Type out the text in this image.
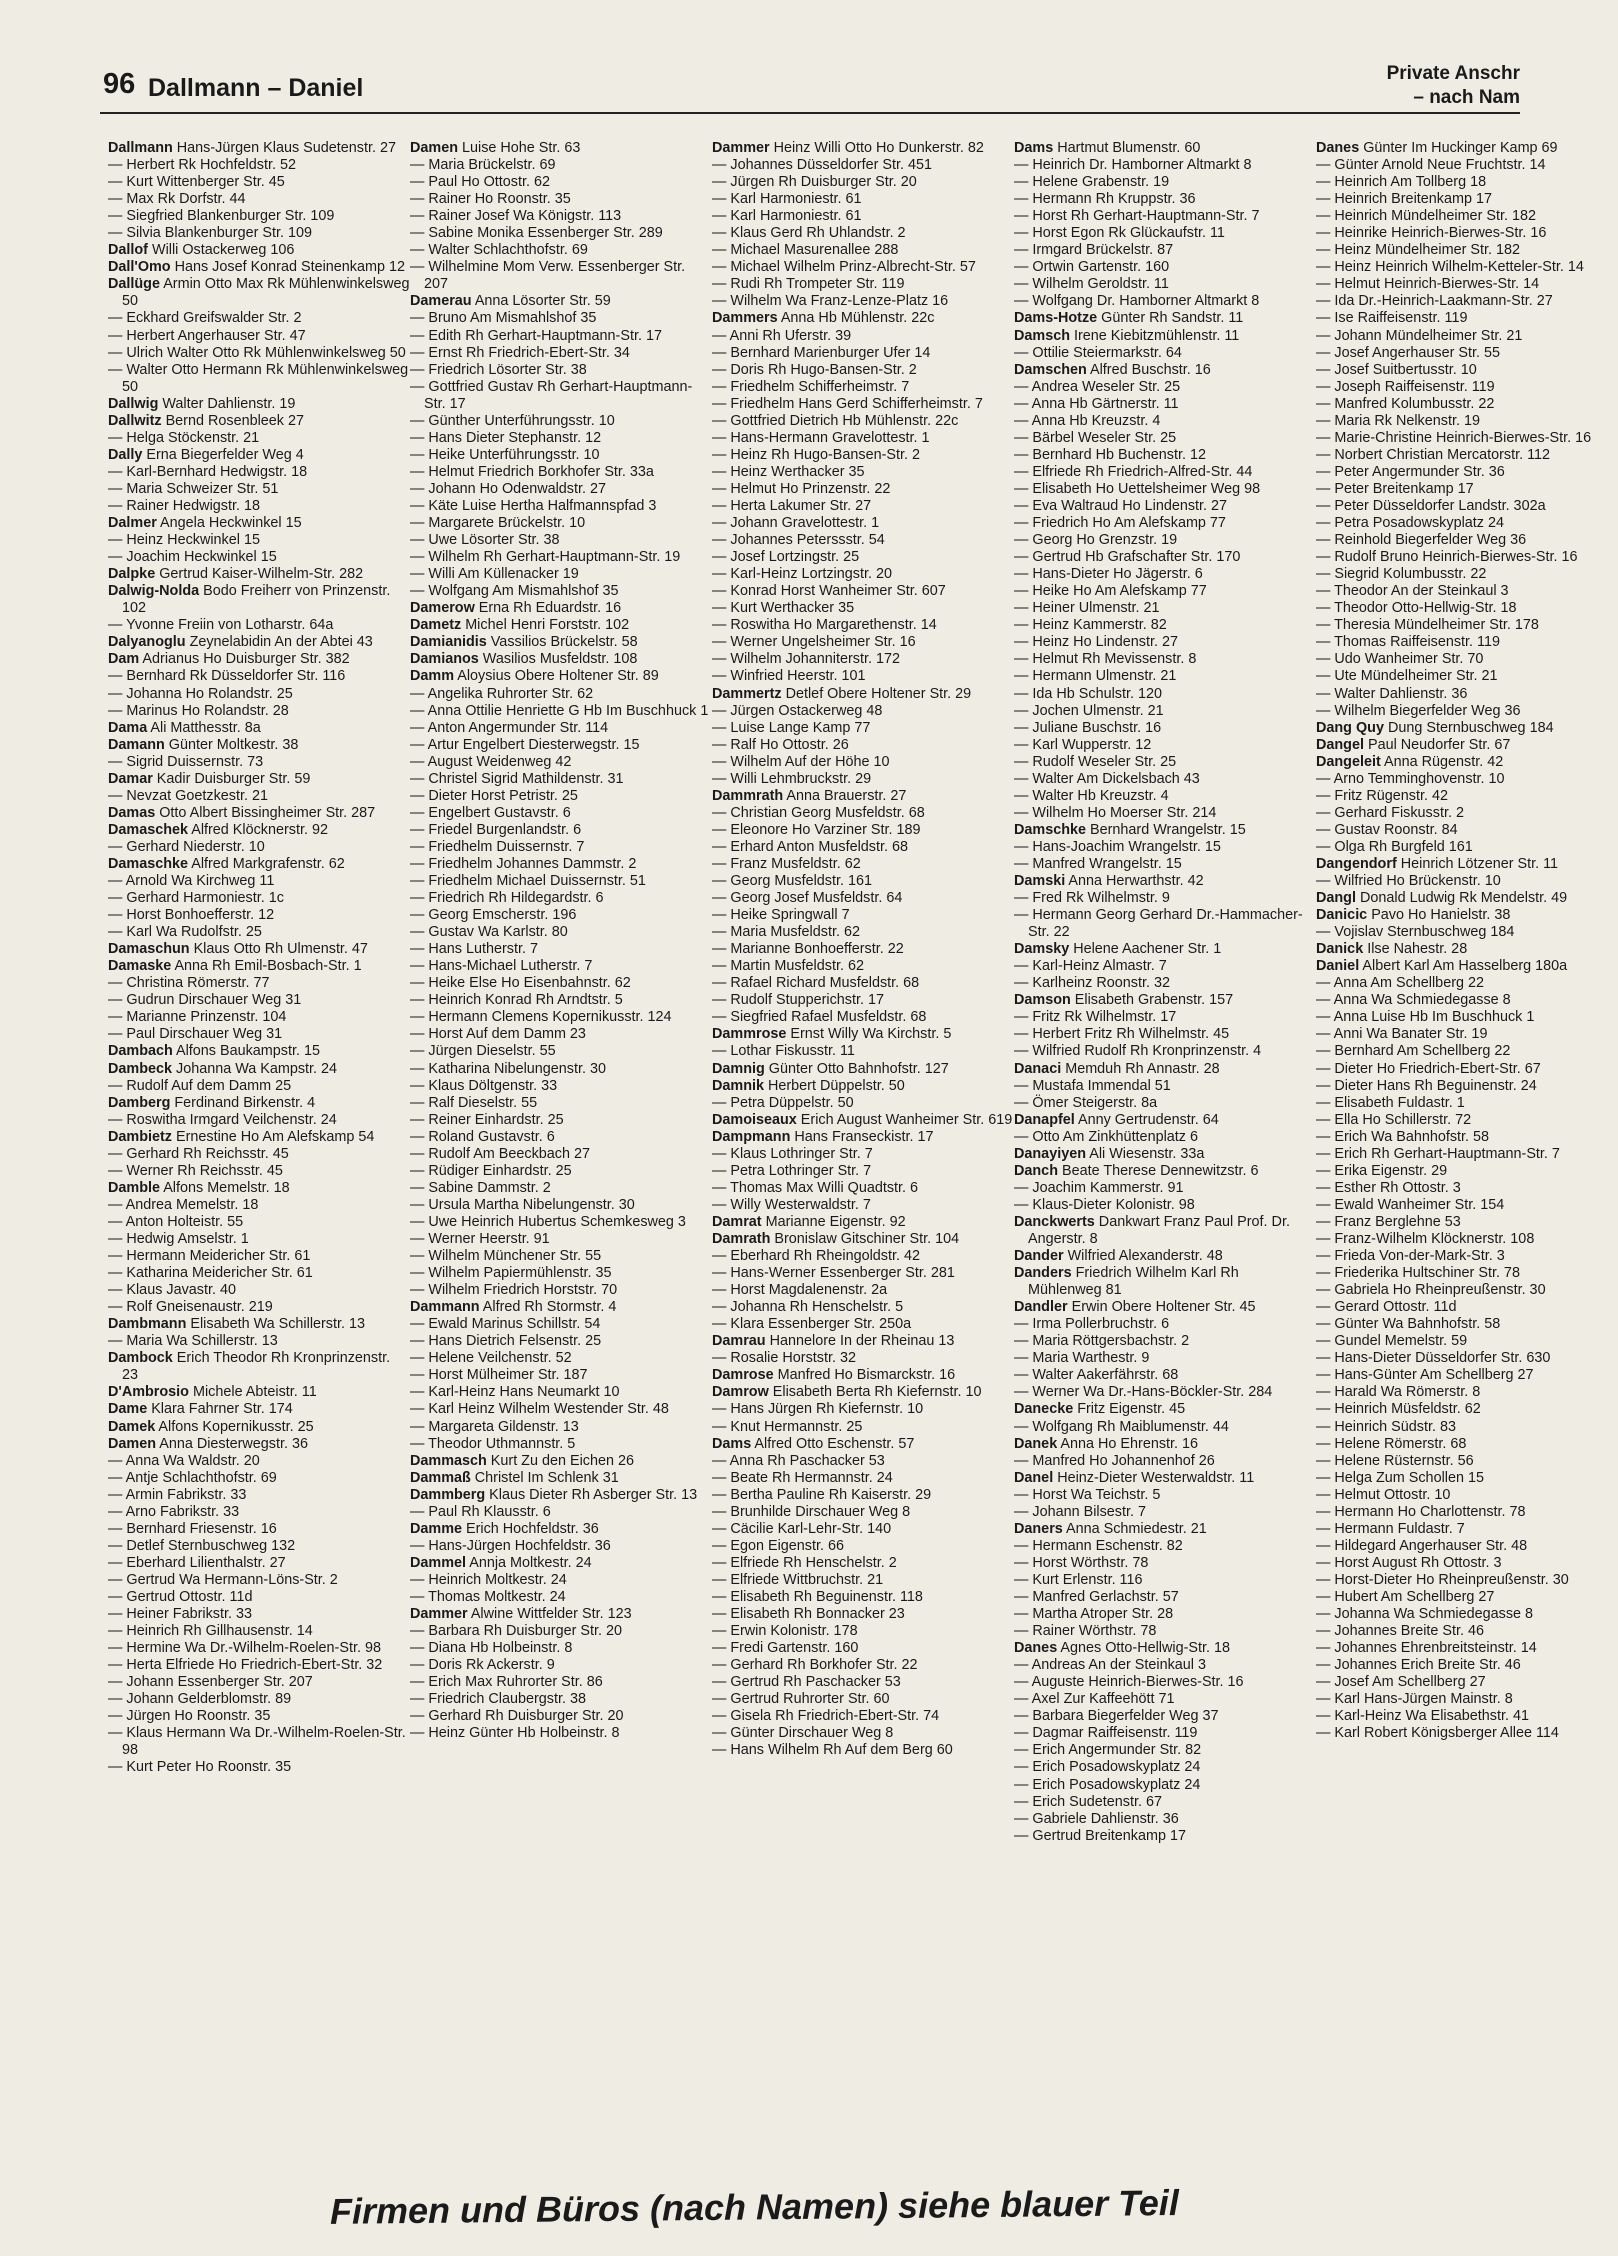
96 Dallmann – Daniel
Private Anschr
– nach Nam

Dallmann Hans-Jürgen Klaus Sudetenstr. 27

— Herbert Rk Hochfeldstr. 52

— Kurt Wittenberger Str. 45

— Max Rk Dorfstr. 44

— Siegfried Blankenburger Str. 109

— Silvia Blankenburger Str. 109

Dallof Willi Ostackerweg 106

Dall'Omo Hans Josef Konrad Steinenkamp 12

Dallüge Armin Otto Max Rk Mühlenwinkelsweg 50

— Eckhard Greifswalder Str. 2

— Herbert Angerhauser Str. 47

— Ulrich Walter Otto Rk Mühlenwinkelsweg 50

— Walter Otto Hermann Rk Mühlenwinkelsweg 50

Dallwig Walter Dahlienstr. 19

Dallwitz Bernd Rosenbleek 27

— Helga Stöckenstr. 21

Dally Erna Biegerfelder Weg 4

— Karl-Bernhard Hedwigstr. 18

— Maria Schweizer Str. 51

— Rainer Hedwigstr. 18

Dalmer Angela Heckwinkel 15

— Heinz Heckwinkel 15

— Joachim Heckwinkel 15

Dalpke Gertrud Kaiser-Wilhelm-Str. 282

Dalwig-Nolda Bodo Freiherr von Prinzenstr. 102

— Yvonne Freiin von Lotharstr. 64a

Dalyanoglu Zeynelabidin An der Abtei 43

Dam Adrianus Ho Duisburger Str. 382

— Bernhard Rk Düsseldorfer Str. 116

— Johanna Ho Rolandstr. 25

— Marinus Ho Rolandstr. 28

Dama Ali Matthesstr. 8a

Damann Günter Moltkestr. 38

— Sigrid Duissernstr. 73

Damar Kadir Duisburger Str. 59

— Nevzat Goetzkestr. 21

Damas Otto Albert Bissingheimer Str. 287

Damaschek Alfred Klöcknerstr. 92

— Gerhard Niederstr. 10

Damaschke Alfred Markgrafenstr. 62

— Arnold Wa Kirchweg 11

— Gerhard Harmoniestr. 1c

— Horst Bonhoefferstr. 12

— Karl Wa Rudolfstr. 25

Damaschun Klaus Otto Rh Ulmenstr. 47

Damaske Anna Rh Emil-Bosbach-Str. 1

— Christina Römerstr. 77

— Gudrun Dirschauer Weg 31

— Marianne Prinzenstr. 104

— Paul Dirschauer Weg 31

Dambach Alfons Baukampstr. 15

Dambeck Johanna Wa Kampstr. 24

— Rudolf Auf dem Damm 25

Damberg Ferdinand Birkenstr. 4

— Roswitha Irmgard Veilchenstr. 24

Dambietz Ernestine Ho Am Alefskamp 54

— Gerhard Rh Reichsstr. 45

— Werner Rh Reichsstr. 45

Damble Alfons Memelstr. 18

— Andrea Memelstr. 18

— Anton Holteistr. 55

— Hedwig Amselstr. 1

— Hermann Meidericher Str. 61

— Katharina Meidericher Str. 61

— Klaus Javastr. 40

— Rolf Gneisenaustr. 219

Dambmann Elisabeth Wa Schillerstr. 13

— Maria Wa Schillerstr. 13

Dambock Erich Theodor Rh Kronprinzenstr. 23

D'Ambrosio Michele Abteistr. 11

Dame Klara Fahrner Str. 174

Damek Alfons Kopernikusstr. 25

Damen Anna Diesterwegstr. 36

— Anna Wa Waldstr. 20

— Antje Schlachthofstr. 69

— Armin Fabrikstr. 33

— Arno Fabrikstr. 33

— Bernhard Friesenstr. 16

— Detlef Sternbuschweg 132

— Eberhard Lilienthalstr. 27

— Gertrud Wa Hermann-Löns-Str. 2

— Gertrud Ottostr. 11d

— Heiner Fabrikstr. 33

— Heinrich Rh Gillhausenstr. 14

— Hermine Wa Dr.-Wilhelm-Roelen-Str. 98

— Herta Elfriede Ho Friedrich-Ebert-Str. 32

— Johann Essenberger Str. 207

— Johann Gelderblomstr. 89

— Jürgen Ho Roonstr. 35

— Klaus Hermann Wa Dr.-Wilhelm-Roelen-Str. 98

— Kurt Peter Ho Roonstr. 35

Damen Luise Hohe Str. 63

— Maria Brückelstr. 69

— Paul Ho Ottostr. 62

— Rainer Ho Roonstr. 35

— Rainer Josef Wa Königstr. 113

— Sabine Monika Essenberger Str. 289

— Walter Schlachthofstr. 69

— Wilhelmine Mom Verw. Essenberger Str. 207

Damerau Anna Lösorter Str. 59

— Bruno Am Mismahlshof 35

— Edith Rh Gerhart-Hauptmann-Str. 17

— Ernst Rh Friedrich-Ebert-Str. 34

— Friedrich Lösorter Str. 38

— Gottfried Gustav Rh Gerhart-Hauptmann-Str. 17

— Günther Unterführungsstr. 10

— Hans Dieter Stephanstr. 12

— Heike Unterführungsstr. 10

— Helmut Friedrich Borkhofer Str. 33a

— Johann Ho Odenwaldstr. 27

— Käte Luise Hertha Halfmannspfad 3

— Margarete Brückelstr. 10

— Uwe Lösorter Str. 38

— Wilhelm Rh Gerhart-Hauptmann-Str. 19

— Willi Am Küllenacker 19

— Wolfgang Am Mismahlshof 35

Damerow Erna Rh Eduardstr. 16

Dametz Michel Henri Forststr. 102

Damianidis Vassilios Brückelstr. 58

Damianos Wasilios Musfeldstr. 108

Damm Aloysius Obere Holtener Str. 89

— Angelika Ruhrorter Str. 62

— Anna Ottilie Henriette G Hb Im Buschhuck 1

— Anton Angermunder Str. 114

— Artur Engelbert Diesterwegstr. 15

— August Weidenweg 42

— Christel Sigrid Mathildenstr. 31

— Dieter Horst Petristr. 25

— Engelbert Gustavstr. 6

— Friedel Burgenlandstr. 6

— Friedhelm Duissernstr. 7

— Friedhelm Johannes Dammstr. 2

— Friedhelm Michael Duissernstr. 51

— Friedrich Rh Hildegardstr. 6

— Georg Emscherstr. 196

— Gustav Wa Karlstr. 80

— Hans Lutherstr. 7

— Hans-Michael Lutherstr. 7

— Heike Else Ho Eisenbahnstr. 62

— Heinrich Konrad Rh Arndtstr. 5

— Hermann Clemens Kopernikusstr. 124

— Horst Auf dem Damm 23

— Jürgen Dieselstr. 55

— Katharina Nibelungenstr. 30

— Klaus Döltgenstr. 33

— Ralf Dieselstr. 55

— Reiner Einhardstr. 25

— Roland Gustavstr. 6

— Rudolf Am Beeckbach 27

— Rüdiger Einhardstr. 25

— Sabine Dammstr. 2

— Ursula Martha Nibelungenstr. 30

— Uwe Heinrich Hubertus Schemkesweg 3

— Werner Heerstr. 91

— Wilhelm Münchener Str. 55

— Wilhelm Papiermühlenstr. 35

— Wilhelm Friedrich Horststr. 70

Dammann Alfred Rh Stormstr. 4

— Ewald Marinus Schillstr. 54

— Hans Dietrich Felsenstr. 25

— Helene Veilchenstr. 52

— Horst Mülheimer Str. 187

— Karl-Heinz Hans Neumarkt 10

— Karl Heinz Wilhelm Westender Str. 48

— Margareta Gildenstr. 13

— Theodor Uthmannstr. 5

Dammasch Kurt Zu den Eichen 26

Dammaß Christel Im Schlenk 31

Dammberg Klaus Dieter Rh Asberger Str. 13

— Paul Rh Klausstr. 6

Damme Erich Hochfeldstr. 36

— Hans-Jürgen Hochfeldstr. 36

Dammel Annja Moltkestr. 24

— Heinrich Moltkestr. 24

— Thomas Moltkestr. 24

Dammer Alwine Wittfelder Str. 123

— Barbara Rh Duisburger Str. 20

— Diana Hb Holbeinstr. 8

— Doris Rk Ackerstr. 9

— Erich Max Ruhrorter Str. 86

— Friedrich Claubergstr. 38

— Gerhard Rh Duisburger Str. 20

— Heinz Günter Hb Holbeinstr. 8

Dammer Heinz Willi Otto Ho Dunkerstr. 82

— Johannes Düsseldorfer Str. 451

— Jürgen Rh Duisburger Str. 20

— Karl Harmoniestr. 61

— Karl Harmoniestr. 61

— Klaus Gerd Rh Uhlandstr. 2

— Michael Masurenallee 288

— Michael Wilhelm Prinz-Albrecht-Str. 57

— Rudi Rh Trompeter Str. 119

— Wilhelm Wa Franz-Lenze-Platz 16

Dammers Anna Hb Mühlenstr. 22c

— Anni Rh Uferstr. 39

— Bernhard Marienburger Ufer 14

— Doris Rh Hugo-Bansen-Str. 2

— Friedhelm Schifferheimstr. 7

— Friedhelm Hans Gerd Schifferheimstr. 7

— Gottfried Dietrich Hb Mühlenstr. 22c

— Hans-Hermann Gravelottestr. 1

— Heinz Rh Hugo-Bansen-Str. 2

— Heinz Werthacker 35

— Helmut Ho Prinzenstr. 22

— Herta Lakumer Str. 27

— Johann Gravelottestr. 1

— Johannes Peterssstr. 54

— Josef Lortzingstr. 25

— Karl-Heinz Lortzingstr. 20

— Konrad Horst Wanheimer Str. 607

— Kurt Werthacker 35

— Roswitha Ho Margarethenstr. 14

— Werner Ungelsheimer Str. 16

— Wilhelm Johanniterstr. 172

— Winfried Heerstr. 101

Dammertz Detlef Obere Holtener Str. 29

— Jürgen Ostackerweg 48

— Luise Lange Kamp 77

— Ralf Ho Ottostr. 26

— Wilhelm Auf der Höhe 10

— Willi Lehmbruckstr. 29

Dammrath Anna Brauerstr. 27

— Christian Georg Musfeldstr. 68

— Eleonore Ho Varziner Str. 189

— Erhard Anton Musfeldstr. 68

— Franz Musfeldstr. 62

— Georg Musfeldstr. 161

— Georg Josef Musfeldstr. 64

— Heike Springwall 7

— Maria Musfeldstr. 62

— Marianne Bonhoefferstr. 22

— Martin Musfeldstr. 62

— Rafael Richard Musfeldstr. 68

— Rudolf Stupperichstr. 17

— Siegfried Rafael Musfeldstr. 68

Dammrose Ernst Willy Wa Kirchstr. 5

— Lothar Fiskusstr. 11

Damnig Günter Otto Bahnhofstr. 127

Damnik Herbert Düppelstr. 50

— Petra Düppelstr. 50

Damoiseaux Erich August Wanheimer Str. 619

Dampmann Hans Franseckistr. 17

— Klaus Lothringer Str. 7

— Petra Lothringer Str. 7

— Thomas Max Willi Quadtstr. 6

— Willy Westerwaldstr. 7

Damrat Marianne Eigenstr. 92

Damrath Bronislaw Gitschiner Str. 104

— Eberhard Rh Rheingoldstr. 42

— Hans-Werner Essenberger Str. 281

— Horst Magdalenenstr. 2a

— Johanna Rh Henschelstr. 5

— Klara Essenberger Str. 250a

Damrau Hannelore In der Rheinau 13

— Rosalie Horststr. 32

Damrose Manfred Ho Bismarckstr. 16

Damrow Elisabeth Berta Rh Kiefernstr. 10

— Hans Jürgen Rh Kiefernstr. 10

— Knut Hermannstr. 25

Dams Alfred Otto Eschenstr. 57

— Anna Rh Paschacker 53

— Beate Rh Hermannstr. 24

— Bertha Pauline Rh Kaiserstr. 29

— Brunhilde Dirschauer Weg 8

— Cäcilie Karl-Lehr-Str. 140

— Egon Eigenstr. 66

— Elfriede Rh Henschelstr. 2

— Elfriede Wittbruchstr. 21

— Elisabeth Rh Beguinenstr. 118

— Elisabeth Rh Bonnacker 23

— Erwin Kolonistr. 178

— Fredi Gartenstr. 160

— Gerhard Rh Borkhofer Str. 22

— Gertrud Rh Paschacker 53

— Gertrud Ruhrorter Str. 60

— Gisela Rh Friedrich-Ebert-Str. 74

— Günter Dirschauer Weg 8

— Hans Wilhelm Rh Auf dem Berg 60

Dams Hartmut Blumenstr. 60

— Heinrich Dr. Hamborner Altmarkt 8

— Helene Grabenstr. 19

— Hermann Rh Kruppstr. 36

— Horst Rh Gerhart-Hauptmann-Str. 7

— Horst Egon Rk Glückaufstr. 11

— Irmgard Brückelstr. 87

— Ortwin Gartenstr. 160

— Wilhelm Geroldstr. 11

— Wolfgang Dr. Hamborner Altmarkt 8

Dams-Hotze Günter Rh Sandstr. 11

Damsch Irene Kiebitzmühlenstr. 11

— Ottilie Steiermarkstr. 64

Damschen Alfred Buschstr. 16

— Andrea Weseler Str. 25

— Anna Hb Gärtnerstr. 11

— Anna Hb Kreuzstr. 4

— Bärbel Weseler Str. 25

— Bernhard Hb Buchenstr. 12

— Elfriede Rh Friedrich-Alfred-Str. 44

— Elisabeth Ho Uettelsheimer Weg 98

— Eva Waltraud Ho Lindenstr. 27

— Friedrich Ho Am Alefskamp 77

— Georg Ho Grenzstr. 19

— Gertrud Hb Grafschafter Str. 170

— Hans-Dieter Ho Jägerstr. 6

— Heike Ho Am Alefskamp 77

— Heiner Ulmenstr. 21

— Heinz Kammerstr. 82

— Heinz Ho Lindenstr. 27

— Helmut Rh Mevissenstr. 8

— Hermann Ulmenstr. 21

— Ida Hb Schulstr. 120

— Jochen Ulmenstr. 21

— Juliane Buschstr. 16

— Karl Wupperstr. 12

— Rudolf Weseler Str. 25

— Walter Am Dickelsbach 43

— Walter Hb Kreuzstr. 4

— Wilhelm Ho Moerser Str. 214

Damschke Bernhard Wrangelstr. 15

— Hans-Joachim Wrangelstr. 15

— Manfred Wrangelstr. 15

Damski Anna Herwarthstr. 42

— Fred Rk Wilhelmstr. 9

— Hermann Georg Gerhard Dr.-Hammacher-Str. 22

Damsky Helene Aachener Str. 1

— Karl-Heinz Almastr. 7

— Karlheinz Roonstr. 32

Damson Elisabeth Grabenstr. 157

— Fritz Rk Wilhelmstr. 17

— Herbert Fritz Rh Wilhelmstr. 45

— Wilfried Rudolf Rh Kronprinzenstr. 4

Danaci Memduh Rh Annastr. 28

— Mustafa Immendal 51

— Ömer Steigerstr. 8a

Danapfel Anny Gertrudenstr. 64

— Otto Am Zinkhüttenplatz 6

Danayiyen Ali Wiesenstr. 33a

Danch Beate Therese Dennewitzstr. 6

— Joachim Kammerstr. 91

— Klaus-Dieter Kolonistr. 98

Danckwerts Dankwart Franz Paul Prof. Dr. Angerstr. 8

Dander Wilfried Alexanderstr. 48

Danders Friedrich Wilhelm Karl Rh Mühlenweg 81

Dandler Erwin Obere Holtener Str. 45

— Irma Pollerbruchstr. 6

— Maria Röttgersbachstr. 2

— Maria Warthestr. 9

— Walter Aakerfährstr. 68

— Werner Wa Dr.-Hans-Böckler-Str. 284

Danecke Fritz Eigenstr. 45

— Wolfgang Rh Maiblumenstr. 44

Danek Anna Ho Ehrenstr. 16

— Manfred Ho Johannenhof 26

Danel Heinz-Dieter Westerwaldstr. 11

— Horst Wa Teichstr. 5

— Johann Bilsestr. 7

Daners Anna Schmiedestr. 21

— Hermann Eschenstr. 82

— Horst Wörthstr. 78

— Kurt Erlenstr. 116

— Manfred Gerlachstr. 57

— Martha Atroper Str. 28

— Rainer Wörthstr. 78

Danes Agnes Otto-Hellwig-Str. 18

— Andreas An der Steinkaul 3

— Auguste Heinrich-Bierwes-Str. 16

— Axel Zur Kaffeehött 71

— Barbara Biegerfelder Weg 37

— Dagmar Raiffeisenstr. 119

— Erich Angermunder Str. 82

— Erich Posadowskyplatz 24

— Erich Posadowskyplatz 24

— Erich Sudetenstr. 67

— Gabriele Dahlienstr. 36

— Gertrud Breitenkamp 17

Danes Günter Im Huckinger Kamp 69

— Günter Arnold Neue Fruchtstr. 14

— Heinrich Am Tollberg 18

— Heinrich Breitenkamp 17

— Heinrich Mündelheimer Str. 182

— Heinrike Heinrich-Bierwes-Str. 16

— Heinz Mündelheimer Str. 182

— Heinz Heinrich Wilhelm-Ketteler-Str. 14

— Helmut Heinrich-Bierwes-Str. 14

— Ida Dr.-Heinrich-Laakmann-Str. 27

— Ise Raiffeisenstr. 119

— Johann Mündelheimer Str. 21

— Josef Angerhauser Str. 55

— Josef Suitbertusstr. 10

— Joseph Raiffeisenstr. 119

— Manfred Kolumbusstr. 22

— Maria Rk Nelkenstr. 19

— Marie-Christine Heinrich-Bierwes-Str. 16

— Norbert Christian Mercatorstr. 112

— Peter Angermunder Str. 36

— Peter Breitenkamp 17

— Peter Düsseldorfer Landstr. 302a

— Petra Posadowskyplatz 24

— Reinhold Biegerfelder Weg 36

— Rudolf Bruno Heinrich-Bierwes-Str. 16

— Siegrid Kolumbusstr. 22

— Theodor An der Steinkaul 3

— Theodor Otto-Hellwig-Str. 18

— Theresia Mündelheimer Str. 178

— Thomas Raiffeisenstr. 119

— Udo Wanheimer Str. 70

— Ute Mündelheimer Str. 21

— Walter Dahlienstr. 36

— Wilhelm Biegerfelder Weg 36

Dang Quy Dung Sternbuschweg 184

Dangel Paul Neudorfer Str. 67

Dangeleit Anna Rügenstr. 42

— Arno Temminghovenstr. 10

— Fritz Rügenstr. 42

— Gerhard Fiskusstr. 2

— Gustav Roonstr. 84

— Olga Rh Burgfeld 161

Dangendorf Heinrich Lötzener Str. 11

— Wilfried Ho Brückenstr. 10

Dangl Donald Ludwig Rk Mendelstr. 49

Danicic Pavo Ho Hanielstr. 38

— Vojislav Sternbuschweg 184

Danick Ilse Nahestr. 28

Daniel Albert Karl Am Hasselberg 180a

— Anna Am Schellberg 22

— Anna Wa Schmiedegasse 8

— Anna Luise Hb Im Buschhuck 1

— Anni Wa Banater Str. 19

— Bernhard Am Schellberg 22

— Dieter Ho Friedrich-Ebert-Str. 67

— Dieter Hans Rh Beguinenstr. 24

— Elisabeth Fuldastr. 1

— Ella Ho Schillerstr. 72

— Erich Wa Bahnhofstr. 58

— Erich Rh Gerhart-Hauptmann-Str. 7

— Erika Eigenstr. 29

— Esther Rh Ottostr. 3

— Ewald Wanheimer Str. 154

— Franz Berglehne 53

— Franz-Wilhelm Klöcknerstr. 108

— Frieda Von-der-Mark-Str. 3

— Friederika Hultschiner Str. 78

— Gabriela Ho Rheinpreußenstr. 30

— Gerard Ottostr. 11d

— Günter Wa Bahnhofstr. 58

— Gundel Memelstr. 59

— Hans-Dieter Düsseldorfer Str. 630

— Hans-Günter Am Schellberg 27

— Harald Wa Römerstr. 8

— Heinrich Müsfeldstr. 62

— Heinrich Südstr. 83

— Helene Römerstr. 68

— Helene Rüsternstr. 56

— Helga Zum Schollen 15

— Helmut Ottostr. 10

— Hermann Ho Charlottenstr. 78

— Hermann Fuldastr. 7

— Hildegard Angerhauser Str. 48

— Horst August Rh Ottostr. 3

— Horst-Dieter Ho Rheinpreußenstr. 30

— Hubert Am Schellberg 27

— Johanna Wa Schmiedegasse 8

— Johannes Breite Str. 46

— Johannes Ehrenbreitsteinstr. 14

— Johannes Erich Breite Str. 46

— Josef Am Schellberg 27

— Karl Hans-Jürgen Mainstr. 8

— Karl-Heinz Wa Elisabethstr. 41

— Karl Robert Königsberger Allee 114

Firmen und Büros (nach Namen) siehe blauer Teil
